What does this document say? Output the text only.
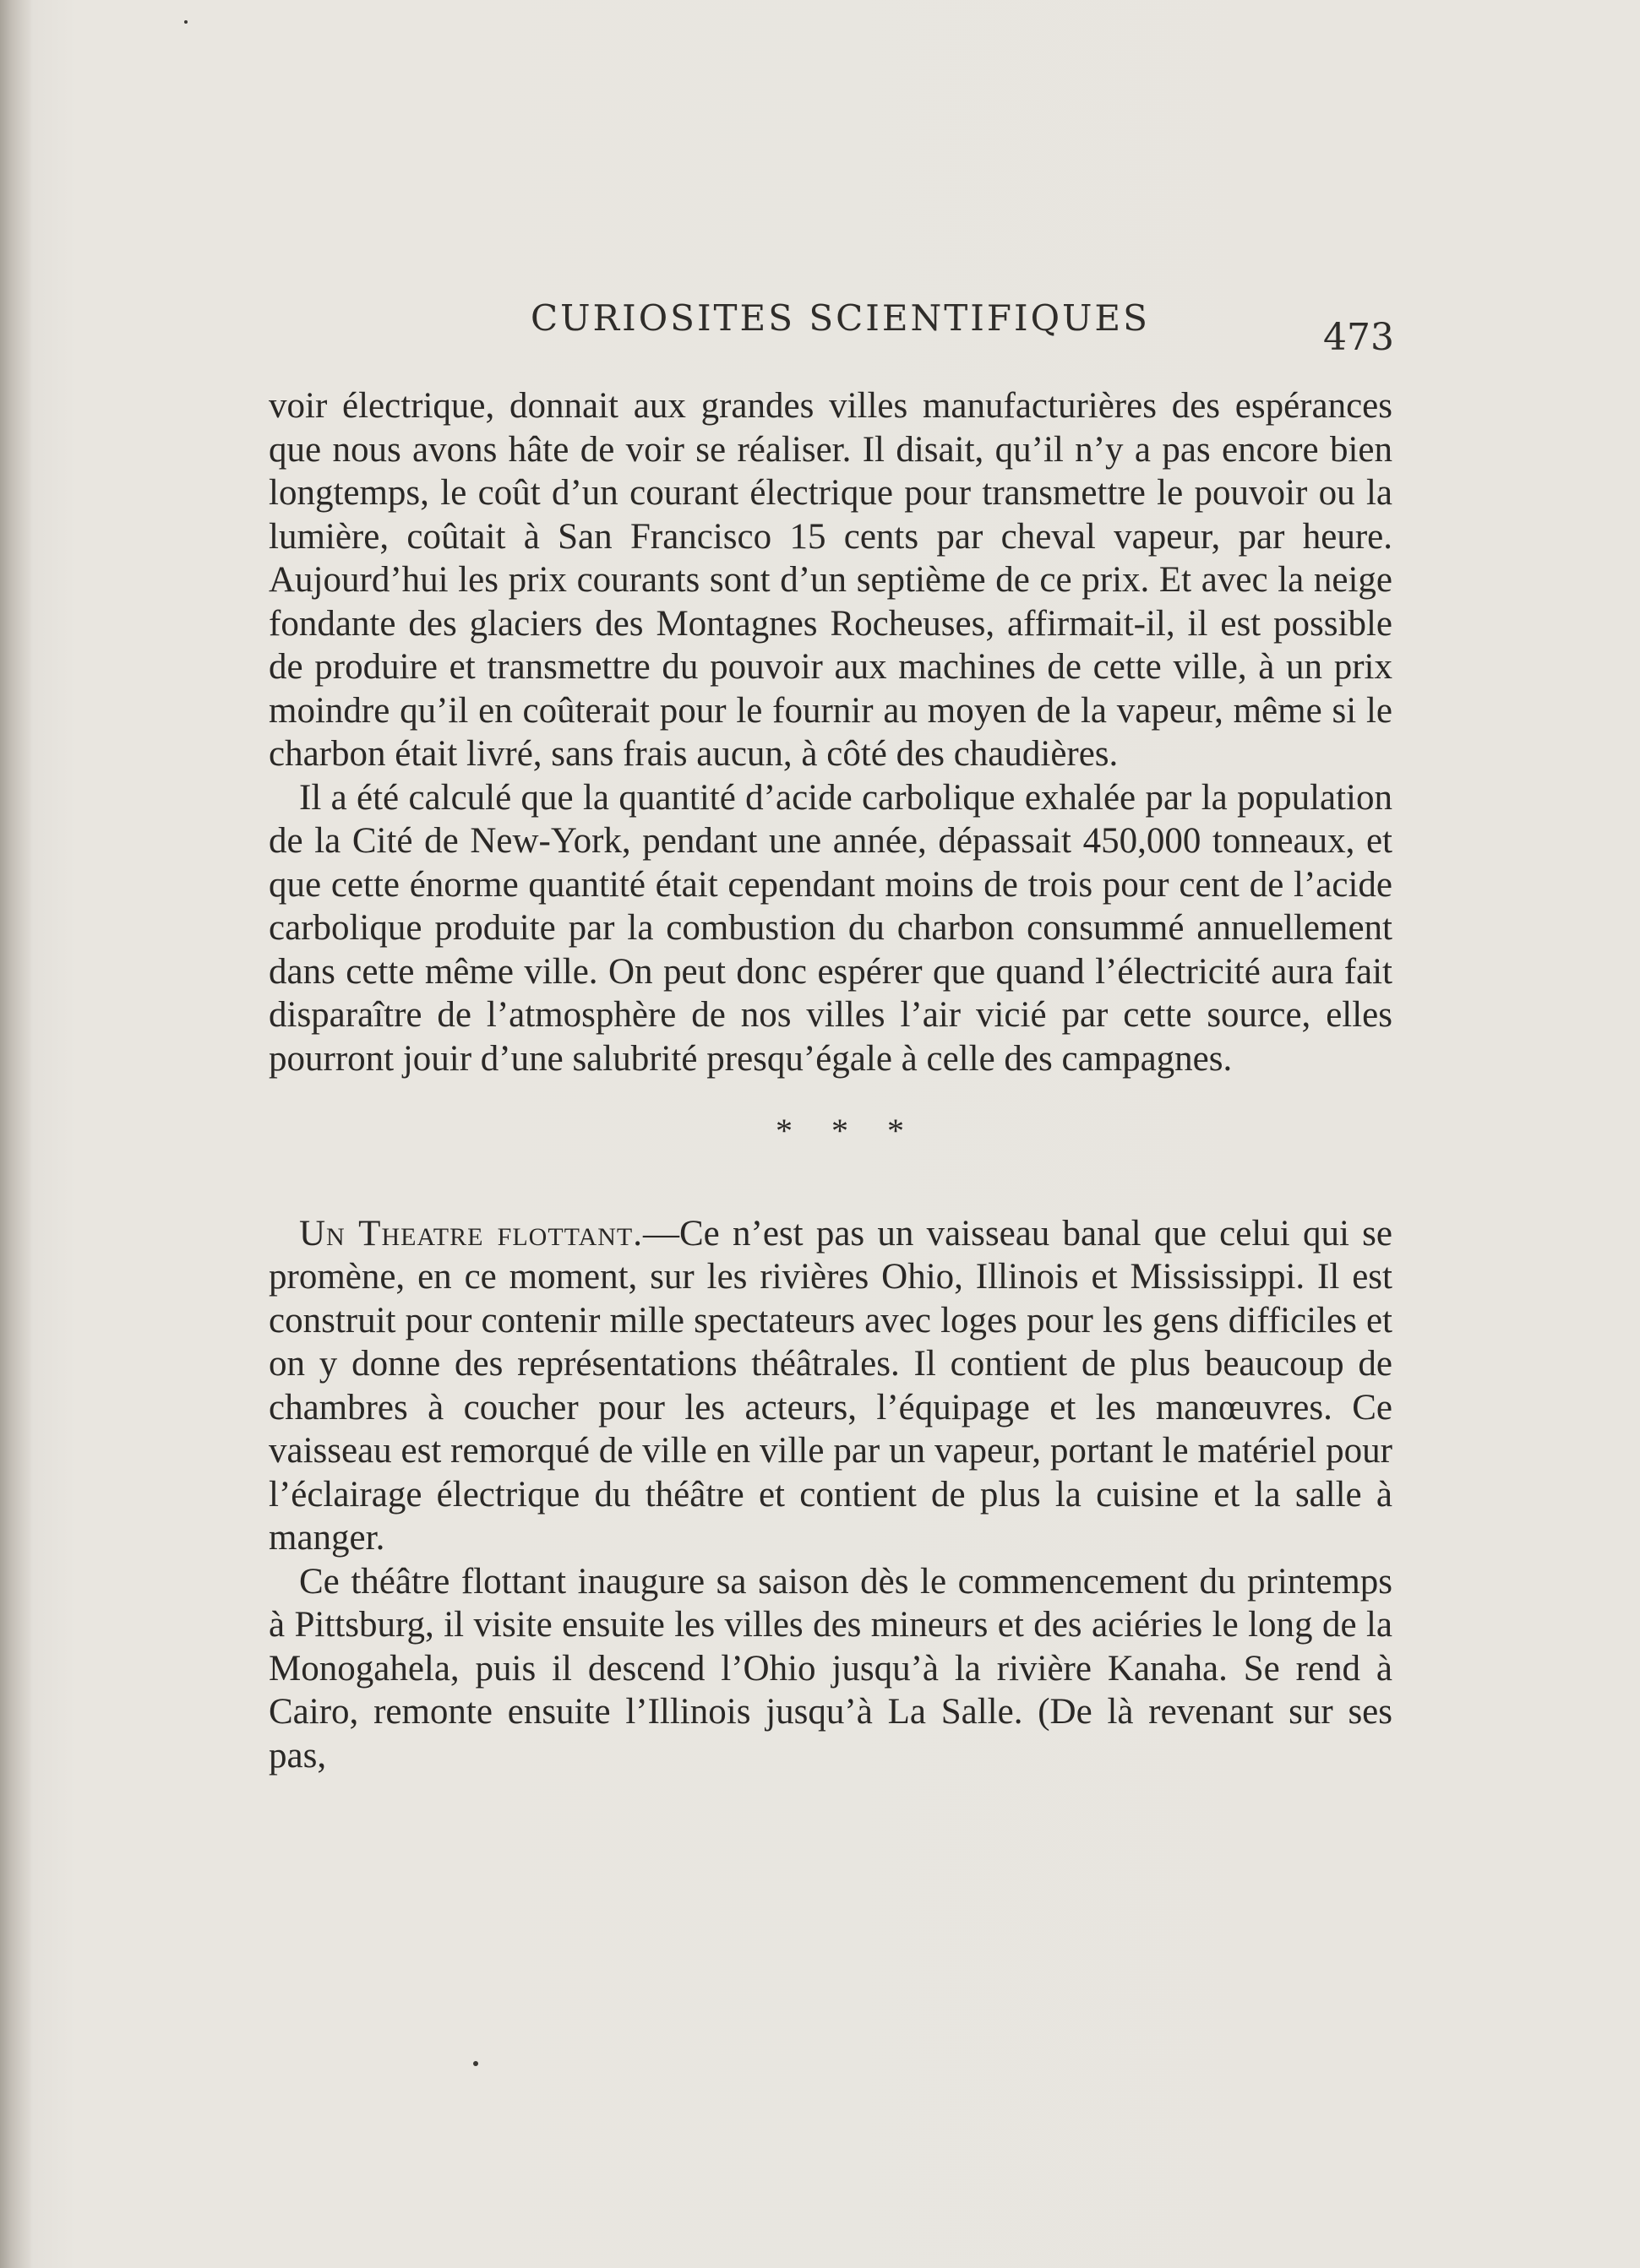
CURIOSITES SCIENTIFIQUES	473

voir électrique, donnait aux grandes villes manufacturières des espérances que nous avons hâte de voir se réaliser. Il disait, qu’il n’y a pas encore bien longtemps, le coût d’un courant électrique pour transmettre le pouvoir ou la lumière, coûtait à San Francisco 15 cents par cheval vapeur, par heure. Aujourd’hui les prix courants sont d’un septième de ce prix. Et avec la neige fondante des glaciers des Montagnes Rocheuses, affirmait-il, il est possible de produire et transmettre du pouvoir aux machines de cette ville, à un prix moindre qu’il en coûterait pour le fournir au moyen de la vapeur, même si le charbon était livré, sans frais aucun, à côté des chaudières.

Il a été calculé que la quantité d’acide carbolique exhalée par la population de la Cité de New-York, pendant une année, dépassait 450,000 tonneaux, et que cette énorme quantité était cependant moins de trois pour cent de l’acide carbolique produite par la combustion du charbon consummé annuellement dans cette même ville. On peut donc espérer que quand l’électricité aura fait disparaître de l’atmosphère de nos villes l’air vicié par cette source, elles pourront jouir d’une salubrité presqu’égale à celle des campagnes.

* * *

Un Theatre flottant.—Ce n’est pas un vaisseau banal que celui qui se promène, en ce moment, sur les rivières Ohio, Illinois et Mississippi. Il est construit pour contenir mille spectateurs avec loges pour les gens difficiles et on y donne des représentations théâtrales. Il contient de plus beaucoup de chambres à coucher pour les acteurs, l’équipage et les manœuvres. Ce vaisseau est remorqué de ville en ville par un vapeur, portant le matériel pour l’éclairage électrique du théâtre et contient de plus la cuisine et la salle à manger.

Ce théâtre flottant inaugure sa saison dès le commencement du printemps à Pittsburg, il visite ensuite les villes des mineurs et des aciéries le long de la Monogahela, puis il descend l’Ohio jusqu’à la rivière Kanaha. Se rend à Cairo, remonte ensuite l’Illinois jusqu’à La Salle. (De là revenant sur ses pas,
